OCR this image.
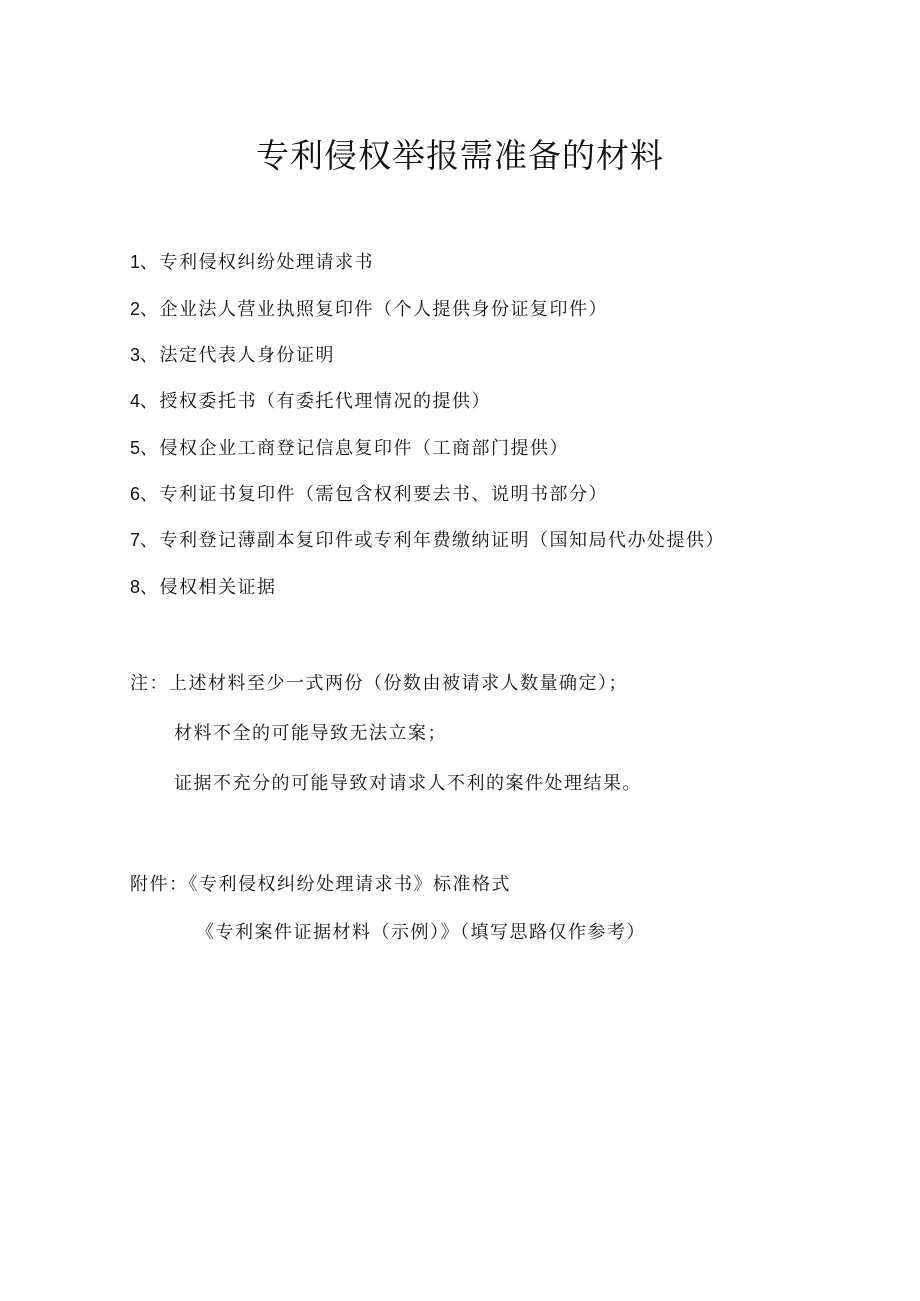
专利侵权举报需准备的材料
1、专利侵权纠纷处理请求书
2、企业法人营业执照复印件（个人提供身份证复印件）
3、法定代表人身份证明
4、授权委托书（有委托代理情况的提供）
5、侵权企业工商登记信息复印件（工商部门提供）
6、专利证书复印件（需包含权利要去书、说明书部分）
7、专利登记薄副本复印件或专利年费缴纳证明（国知局代办处提供）
8、侵权相关证据
注：上述材料至少一式两份（份数由被请求人数量确定）；
材料不全的可能导致无法立案；
证据不充分的可能导致对请求人不利的案件处理结果。
附件：《专利侵权纠纷处理请求书》标准格式
《专利案件证据材料（示例）》（填写思路仅作参考）
